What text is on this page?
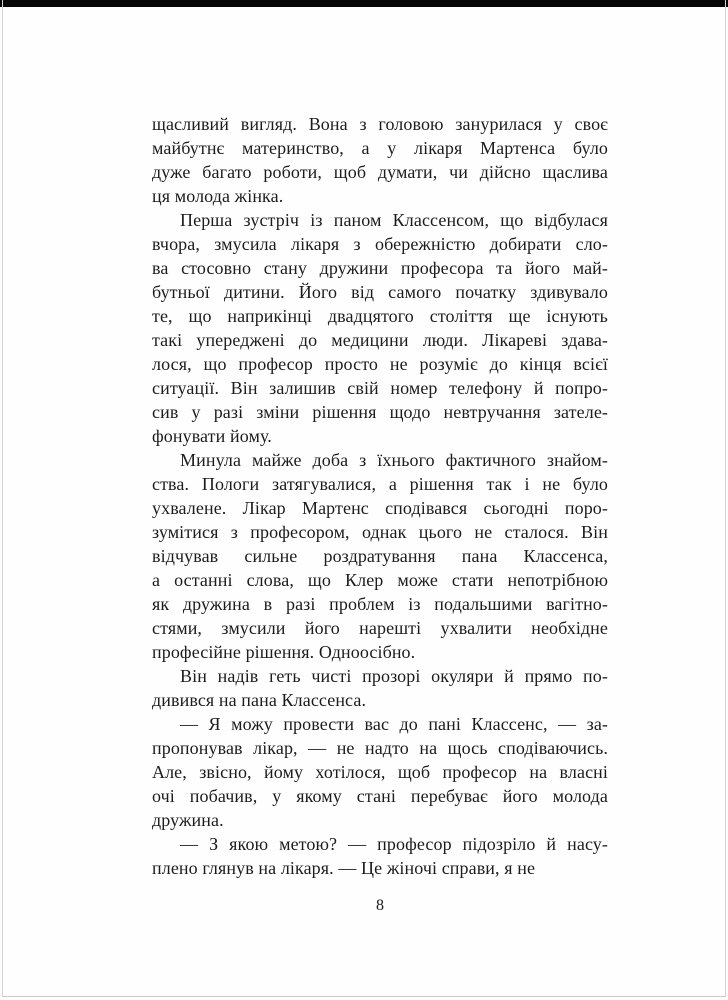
щасливий вигляд. Вона з головою занурилася у своє
майбутнє материнство, а у лікаря Мартенса було
дуже багато роботи, щоб думати, чи дійсно щаслива
ця молода жінка.
Перша зустріч із паном Классенсом, що відбулася
вчора, змусила лікаря з обережністю добирати сло-
ва стосовно стану дружини професора та його май-
бутньої дитини. Його від самого початку здивувало
те, що наприкінці двадцятого століття ще існують
такі упереджені до медицини люди. Лікареві здава-
лося, що професор просто не розуміє до кінця всієї
ситуації. Він залишив свій номер телефону й попро-
сив у разі зміни рішення щодо невтручання зателе-
фонувати йому.
Минула майже доба з їхнього фактичного знайом-
ства. Пологи затягувалися, а рішення так і не було
ухвалене. Лікар Мартенс сподівався сьогодні поро-
зумітися з професором, однак цього не сталося. Він
відчував сильне роздратування пана Классенса,
а останні слова, що Клер може стати непотрібною
як дружина в разі проблем із подальшими вагітно-
стями, змусили його нарешті ухвалити необхідне
професійне рішення. Одноосібно.
Він надів геть чисті прозорі окуляри й прямо по-
дивився на пана Классенса.
— Я можу провести вас до пані Классенс, — за-
пропонував лікар, — не надто на щось сподіваючись.
Але, звісно, йому хотілося, щоб професор на власні
очі побачив, у якому стані перебуває його молода
дружина.
— З якою метою? — професор підозріло й насу-
плено глянув на лікаря. — Це жіночі справи, я не
8
